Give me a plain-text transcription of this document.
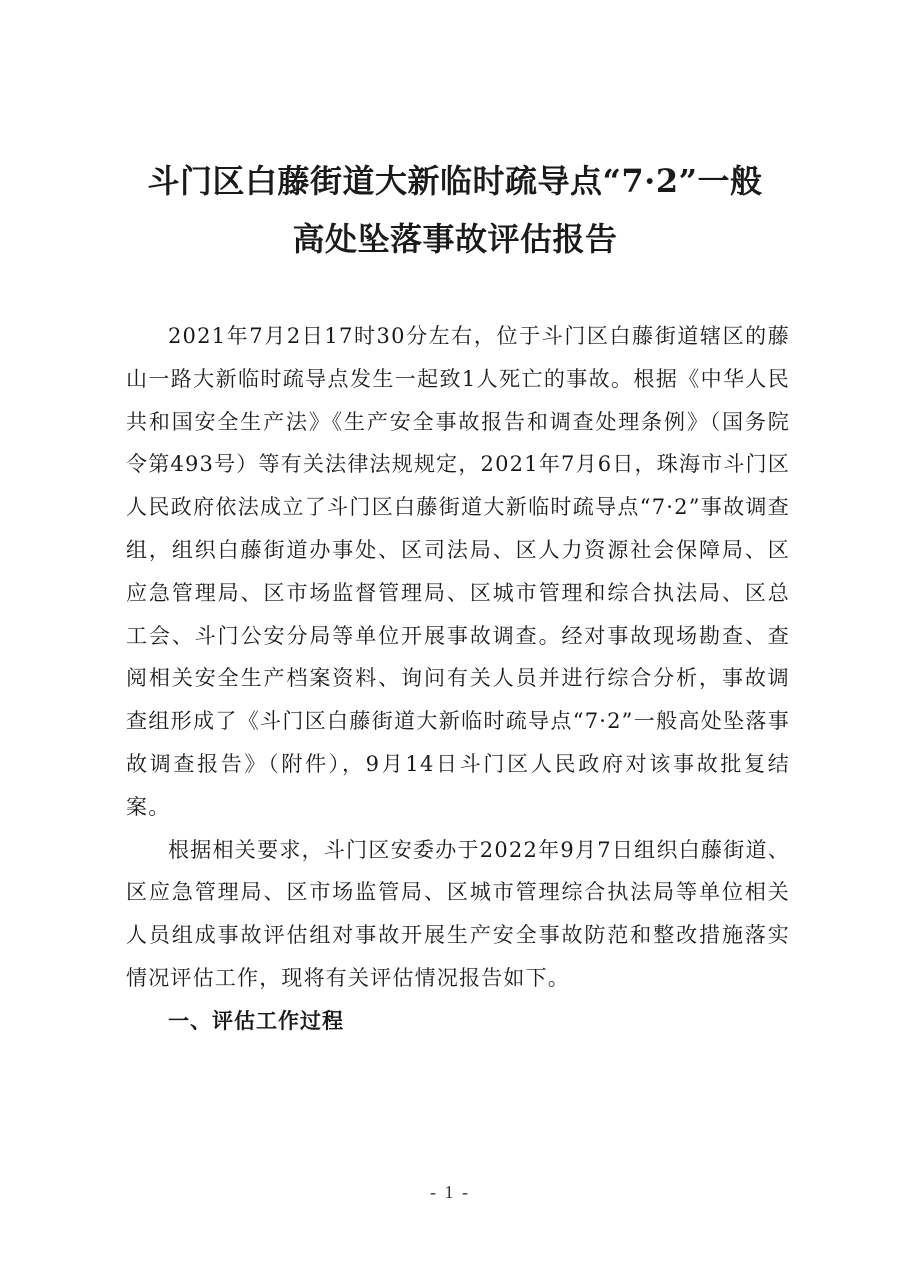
斗门区白藤街道大新临时疏导点“7·2”一般
高处坠落事故评估报告

2021年7月2日17时30分左右，位于斗门区白藤街道辖区的藤山一路大新临时疏导点发生一起致1人死亡的事故。根据《中华人民共和国安全生产法》《生产安全事故报告和调查处理条例》（国务院令第493号）等有关法律法规规定，2021年7月6日，珠海市斗门区人民政府依法成立了斗门区白藤街道大新临时疏导点“7·2”事故调查组，组织白藤街道办事处、区司法局、区人力资源社会保障局、区应急管理局、区市场监督管理局、区城市管理和综合执法局、区总工会、斗门公安分局等单位开展事故调查。经对事故现场勘查、查阅相关安全生产档案资料、询问有关人员并进行综合分析，事故调查组形成了《斗门区白藤街道大新临时疏导点“7·2”一般高处坠落事故调查报告》（附件），9月14日斗门区人民政府对该事故批复结案。

根据相关要求，斗门区安委办于2022年9月7日组织白藤街道、区应急管理局、区市场监管局、区城市管理综合执法局等单位相关人员组成事故评估组对事故开展生产安全事故防范和整改措施落实情况评估工作，现将有关评估情况报告如下。

一、评估工作过程

- 1 -
